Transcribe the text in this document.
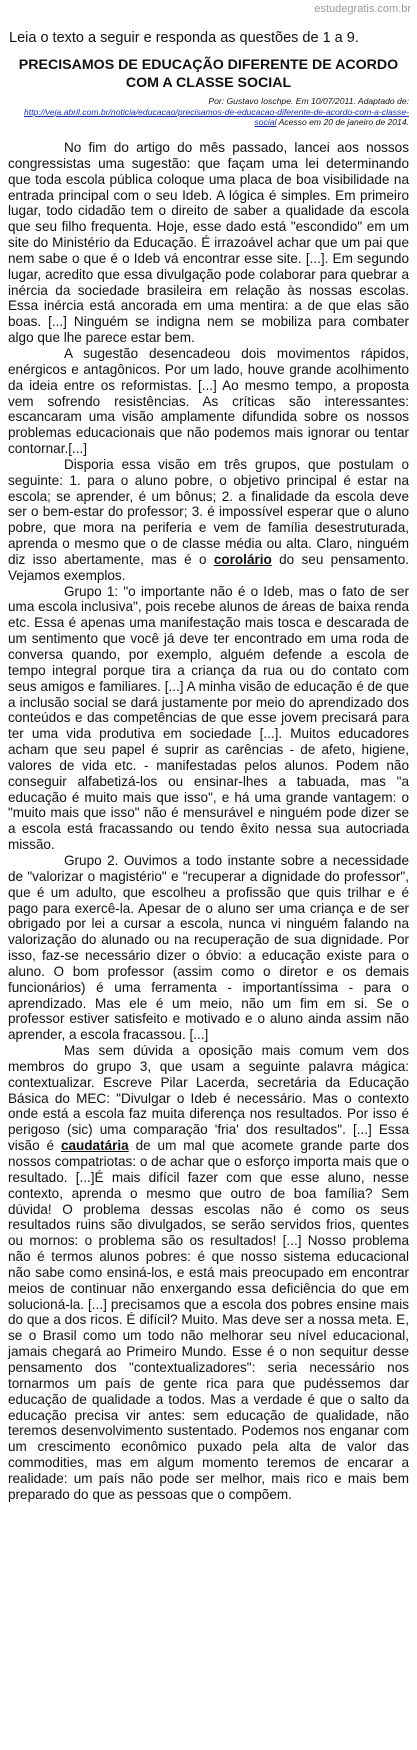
estudegratis.com.br
Leia o texto a seguir e responda as questões de 1 a 9.
PRECISAMOS DE EDUCAÇÃO DIFERENTE DE ACORDO COM A CLASSE SOCIAL
Por: Gustavo Ioschpe. Em 10/07/2011. Adaptado de: http://veja.abril.com.br/noticia/educacao/precisamos-de-educacao-diferente-de-acordo-com-a-classe-social Acesso em 20 de janeiro de 2014.

No fim do artigo do mês passado, lancei aos nossos congressistas uma sugestão: que façam uma lei determinando que toda escola pública coloque uma placa de boa visibilidade na entrada principal com o seu Ideb. A lógica é simples. Em primeiro lugar, todo cidadão tem o direito de saber a qualidade da escola que seu filho frequenta. Hoje, esse dado está "escondido" em um site do Ministério da Educação. É irrazoável achar que um pai que nem sabe o que é o Ideb vá encontrar esse site. [...]. Em segundo lugar, acredito que essa divulgação pode colaborar para quebrar a inércia da sociedade brasileira em relação às nossas escolas. Essa inércia está ancorada em uma mentira: a de que elas são boas. [...] Ninguém se indigna nem se mobiliza para combater algo que lhe parece estar bem.

A sugestão desencadeou dois movimentos rápidos, enérgicos e antagônicos. Por um lado, houve grande acolhimento da ideia entre os reformistas. [...] Ao mesmo tempo, a proposta vem sofrendo resistências. As críticas são interessantes: escancaram uma visão amplamente difundida sobre os nossos problemas educacionais que não podemos mais ignorar ou tentar contornar.[...]

Disporia essa visão em três grupos, que postulam o seguinte: 1. para o aluno pobre, o objetivo principal é estar na escola; se aprender, é um bônus; 2. a finalidade da escola deve ser o bem-estar do professor; 3. é impossível esperar que o aluno pobre, que mora na periferia e vem de família desestruturada, aprenda o mesmo que o de classe média ou alta. Claro, ninguém diz isso abertamente, mas é o corolário do seu pensamento. Vejamos exemplos.

Grupo 1: "o importante não é o Ideb, mas o fato de ser uma escola inclusiva", pois recebe alunos de áreas de baixa renda etc. Essa é apenas uma manifestação mais tosca e descarada de um sentimento que você já deve ter encontrado em uma roda de conversa quando, por exemplo, alguém defende a escola de tempo integral porque tira a criança da rua ou do contato com seus amigos e familiares. [...] A minha visão de educação é de que a inclusão social se dará justamente por meio do aprendizado dos conteúdos e das competências de que esse jovem precisará para ter uma vida produtiva em sociedade [...]. Muitos educadores acham que seu papel é suprir as carências - de afeto, higiene, valores de vida etc. - manifestadas pelos alunos. Podem não conseguir alfabetizá-los ou ensinar-lhes a tabuada, mas "a educação é muito mais que isso", e há uma grande vantagem: o "muito mais que isso" não é mensurável e ninguém pode dizer se a escola está fracassando ou tendo êxito nessa sua autocriada missão.

Grupo 2. Ouvimos a todo instante sobre a necessidade de "valorizar o magistério" e "recuperar a dignidade do professor", que é um adulto, que escolheu a profissão que quis trilhar e é pago para exercê-la. Apesar de o aluno ser uma criança e de ser obrigado por lei a cursar a escola, nunca vi ninguém falando na valorização do alunado ou na recuperação de sua dignidade. Por isso, faz-se necessário dizer o óbvio: a educação existe para o aluno. O bom professor (assim como o diretor e os demais funcionários) é uma ferramenta - importantíssima - para o aprendizado. Mas ele é um meio, não um fim em si. Se o professor estiver satisfeito e motivado e o aluno ainda assim não aprender, a escola fracassou. [...]

Mas sem dúvida a oposição mais comum vem dos membros do grupo 3, que usam a seguinte palavra mágica: contextualizar. Escreve Pilar Lacerda, secretária da Educação Básica do MEC: "Divulgar o Ideb é necessário. Mas o contexto onde está a escola faz muita diferença nos resultados. Por isso é perigoso (sic) uma comparação 'fria' dos resultados". [...] Essa visão é caudatária de um mal que acomete grande parte dos nossos compatriotas: o de achar que o esforço importa mais que o resultado. [...]É mais difícil fazer com que esse aluno, nesse contexto, aprenda o mesmo que outro de boa família? Sem dúvida! O problema dessas escolas não é como os seus resultados ruins são divulgados, se serão servidos frios, quentes ou mornos: o problema são os resultados! [...] Nosso problema não é termos alunos pobres: é que nosso sistema educacional não sabe como ensiná-los, e está mais preocupado em encontrar meios de continuar não enxergando essa deficiência do que em solucioná-la. [...] precisamos que a escola dos pobres ensine mais do que a dos ricos. É difícil? Muito. Mas deve ser a nossa meta. E, se o Brasil como um todo não melhorar seu nível educacional, jamais chegará ao Primeiro Mundo. Esse é o non sequitur desse pensamento dos "contextualizadores": seria necessário nos tornarmos um país de gente rica para que pudéssemos dar educação de qualidade a todos. Mas a verdade é que o salto da educação precisa vir antes: sem educação de qualidade, não teremos desenvolvimento sustentado. Podemos nos enganar com um crescimento econômico puxado pela alta de valor das commodities, mas em algum momento teremos de encarar a realidade: um país não pode ser melhor, mais rico e mais bem preparado do que as pessoas que o compõem.
